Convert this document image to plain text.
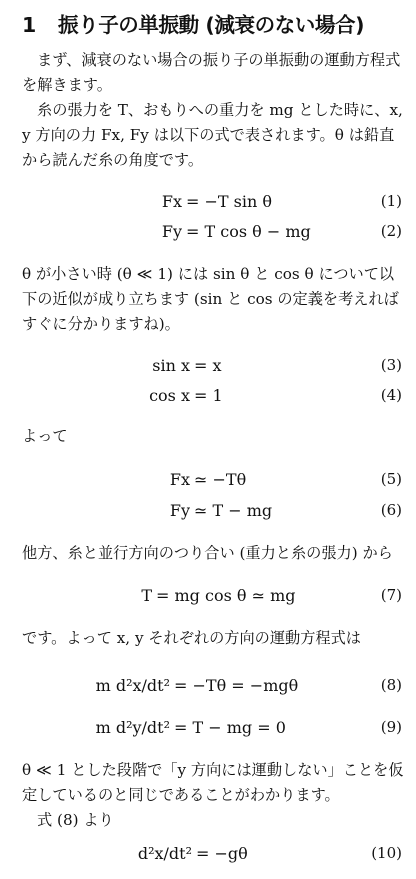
1 振り子の単振動 (減衰のない場合)

まず、減衰のない場合の振り子の単振動の運動方程式を解きます。

糸の張力を T、おもりへの重力を mg とした時に、x, y 方向の力 Fx, Fy は以下の式で表されます。θ は鉛直から読んだ糸の角度です。

Fx = −T sin θ	(1)
Fy = T cos θ − mg	(2)

θ が小さい時 (θ ≪ 1) には sin θ と cos θ について以下の近似が成り立ちます (sin と cos の定義を考えればすぐに分かりますね)。

sin x = x	(3)
cos x = 1	(4)

よって

Fx ≃ −Tθ	(5)
Fy ≃ T − mg	(6)

他方、糸と並行方向のつり合い (重力と糸の張力) から

T = mg cos θ ≃ mg	(7)

です。よって x, y それぞれの方向の運動方程式は

m d²x/dt² = −Tθ = −mgθ	(8)
m d²y/dt² = T − mg = 0	(9)

θ ≪ 1 とした段階で「y 方向には運動しない」ことを仮定しているのと同じであることがわかります。

式 (8) より

d²x/dt² = −gθ	(10)
